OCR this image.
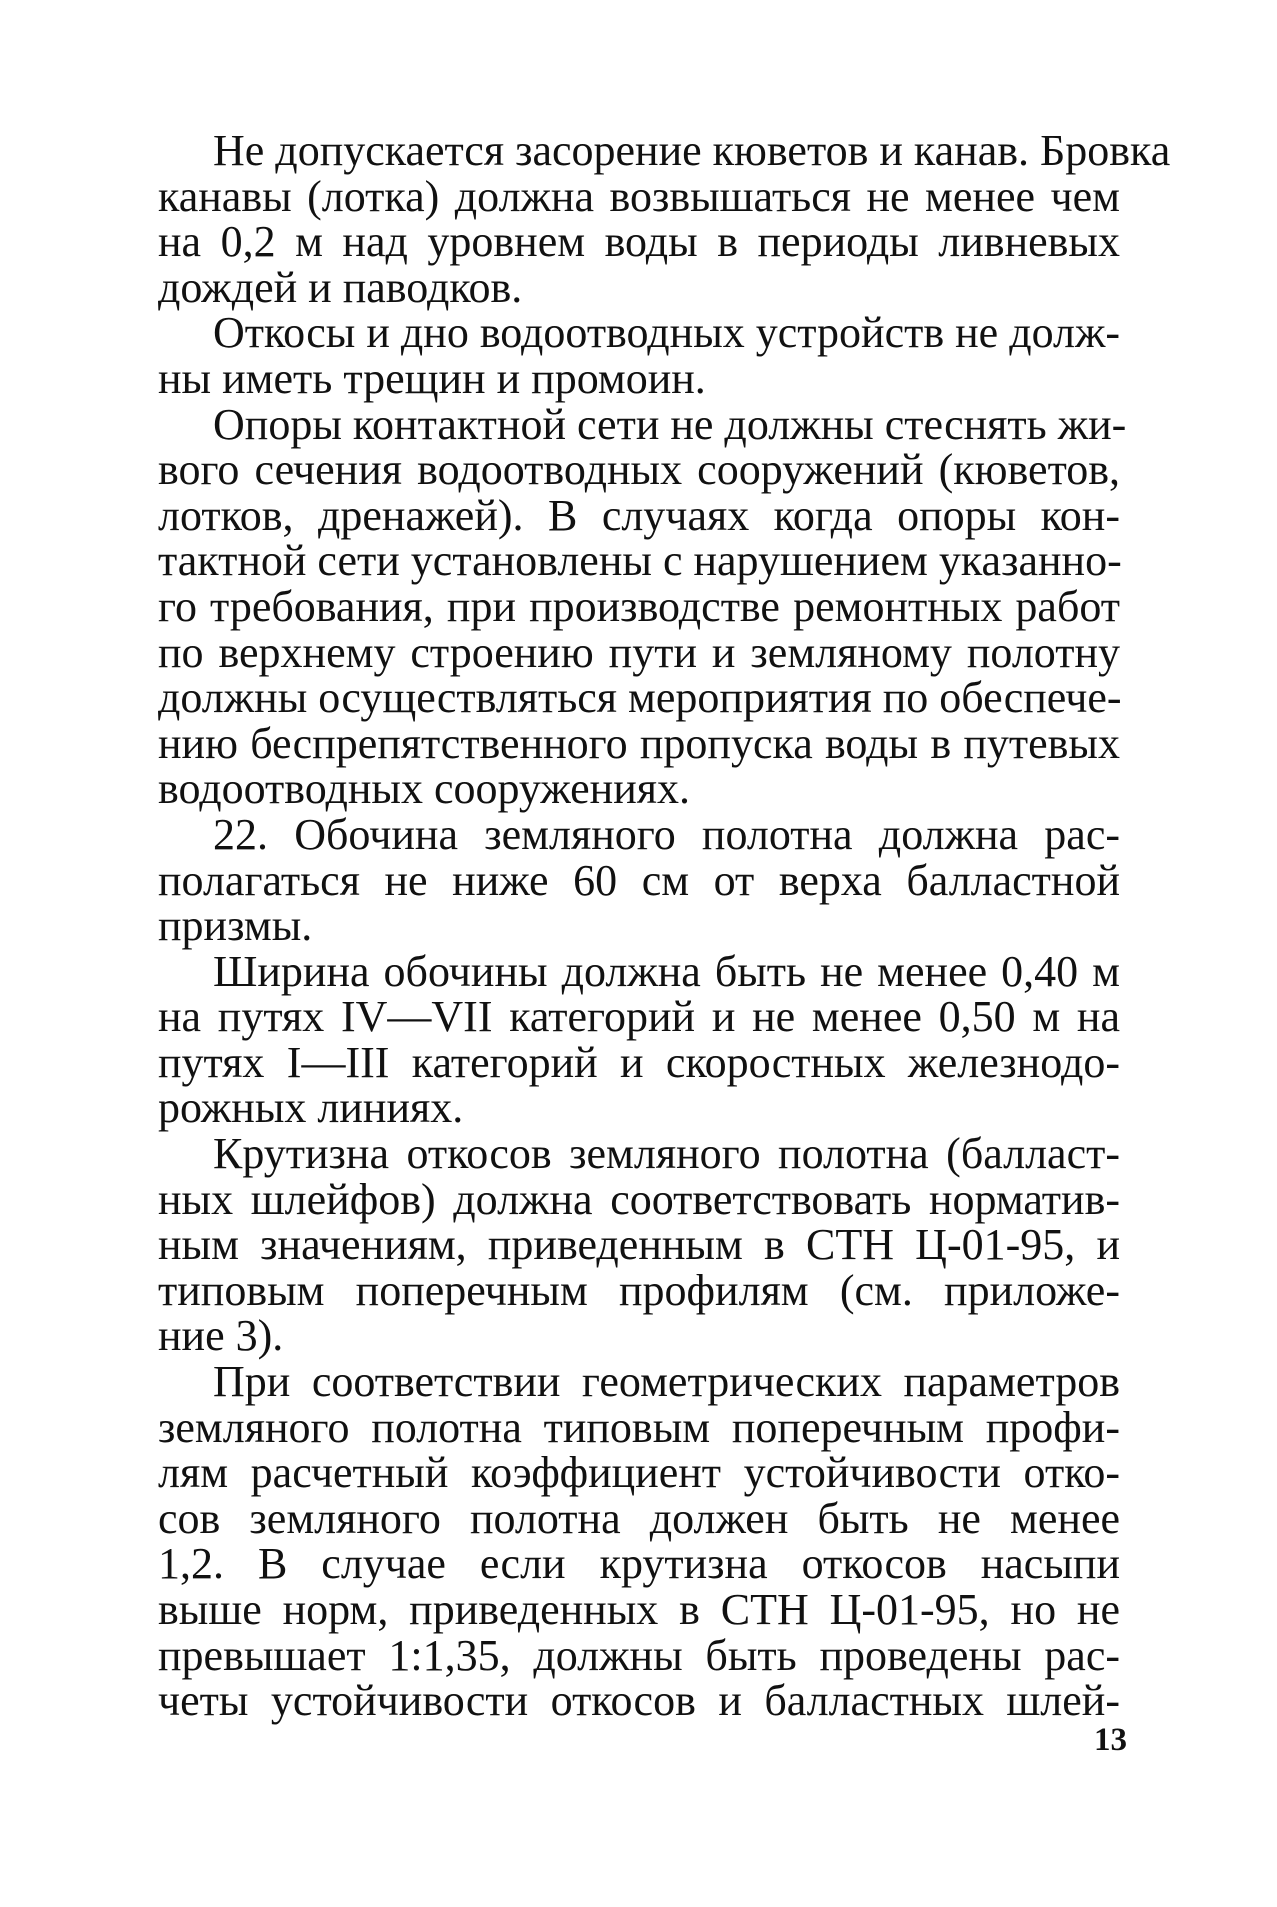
Не допускается засорение кюветов и канав. Бровка
канавы (лотка) должна возвышаться не менее чем
на 0,2 м над уровнем воды в периоды ливневых
дождей и паводков.
Откосы и дно водоотводных устройств не долж-
ны иметь трещин и промоин.
Опоры контактной сети не должны стеснять жи-
вого сечения водоотводных сооружений (кюветов,
лотков, дренажей). В случаях когда опоры кон-
тактной сети установлены с нарушением указанно-
го требования, при производстве ремонтных работ
по верхнему строению пути и земляному полотну
должны осуществляться мероприятия по обеспече-
нию беспрепятственного пропуска воды в путевых
водоотводных сооружениях.
22. Обочина земляного полотна должна рас-
полагаться не ниже 60 см от верха балластной
призмы.
Ширина обочины должна быть не менее 0,40 м
на путях IV—VII категорий и не менее 0,50 м на
путях I—III категорий и скоростных железнодо-
рожных линиях.
Крутизна откосов земляного полотна (балласт-
ных шлейфов) должна соответствовать норматив-
ным значениям, приведенным в СТН Ц-01-95, и
типовым поперечным профилям (см. приложе-
ние 3).
При соответствии геометрических параметров
земляного полотна типовым поперечным профи-
лям расчетный коэффициент устойчивости отко-
сов земляного полотна должен быть не менее
1,2. В случае если крутизна откосов насыпи
выше норм, приведенных в СТН Ц-01-95, но не
превышает 1:1,35, должны быть проведены рас-
четы устойчивости откосов и балластных шлей-
13
